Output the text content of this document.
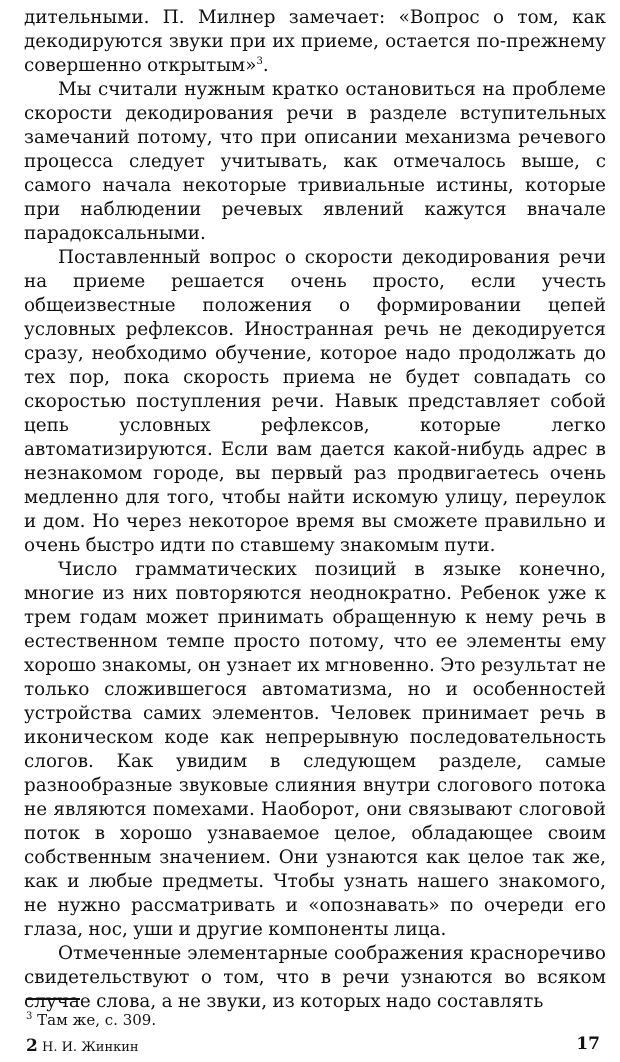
дительными. П. Милнер замечает: «Вопрос о том, как декодируются звуки при их приеме, остается по-прежнему совершенно открытым»$^3$.

Мы считали нужным кратко остановиться на проблеме скорости декодирования речи в разделе вступительных замечаний потому, что при описании механизма речевого процесса следует учитывать, как отмечалось выше, с самого начала некоторые тривиальные истины, которые при наблюдении речевых явлений кажутся вначале парадоксальными.

Поставленный вопрос о скорости декодирования речи на приеме решается очень просто, если учесть общеизвестные положения о формировании цепей условных рефлексов. Иностранная речь не декодируется сразу, необходимо обучение, которое надо продолжать до тех пор, пока скорость приема не будет совпадать со скоростью поступления речи. Навык представляет собой цепь условных рефлексов, которые легко автоматизируются. Если вам дается какой-нибудь адрес в незнакомом городе, вы первый раз продвигаетесь очень медленно для того, чтобы найти искомую улицу, переулок и дом. Но через некоторое время вы сможете правильно и очень быстро идти по ставшему знакомым пути.

Число грамматических позиций в языке конечно, многие из них повторяются неоднократно. Ребенок уже к трем годам может принимать обращенную к нему речь в естественном темпе просто потому, что ее элементы ему хорошо знакомы, он узнает их мгновенно. Это результат не только сложившегося автоматизма, но и особенностей устройства самих элементов. Человек принимает речь в иконическом коде как непрерывную последовательность слогов. Как увидим в следующем разделе, самые разнообразные звуковые слияния внутри слогового потока не являются помехами. Наоборот, они связывают слоговой поток в хорошо узнаваемое целое, обладающее своим собственным значением. Они узнаются как целое так же, как и любые предметы. Чтобы узнать нашего знакомого, не нужно рассматривать и «опознавать» по очереди его глаза, нос, уши и другие компоненты лица.

Отмеченные элементарные соображения красноречиво свидетельствуют о том, что в речи узнаются во всяком случае слова, а не звуки, из которых надо составлять

$^3$ Там же, с. 309.
2 Н. И. Жинкин	17
